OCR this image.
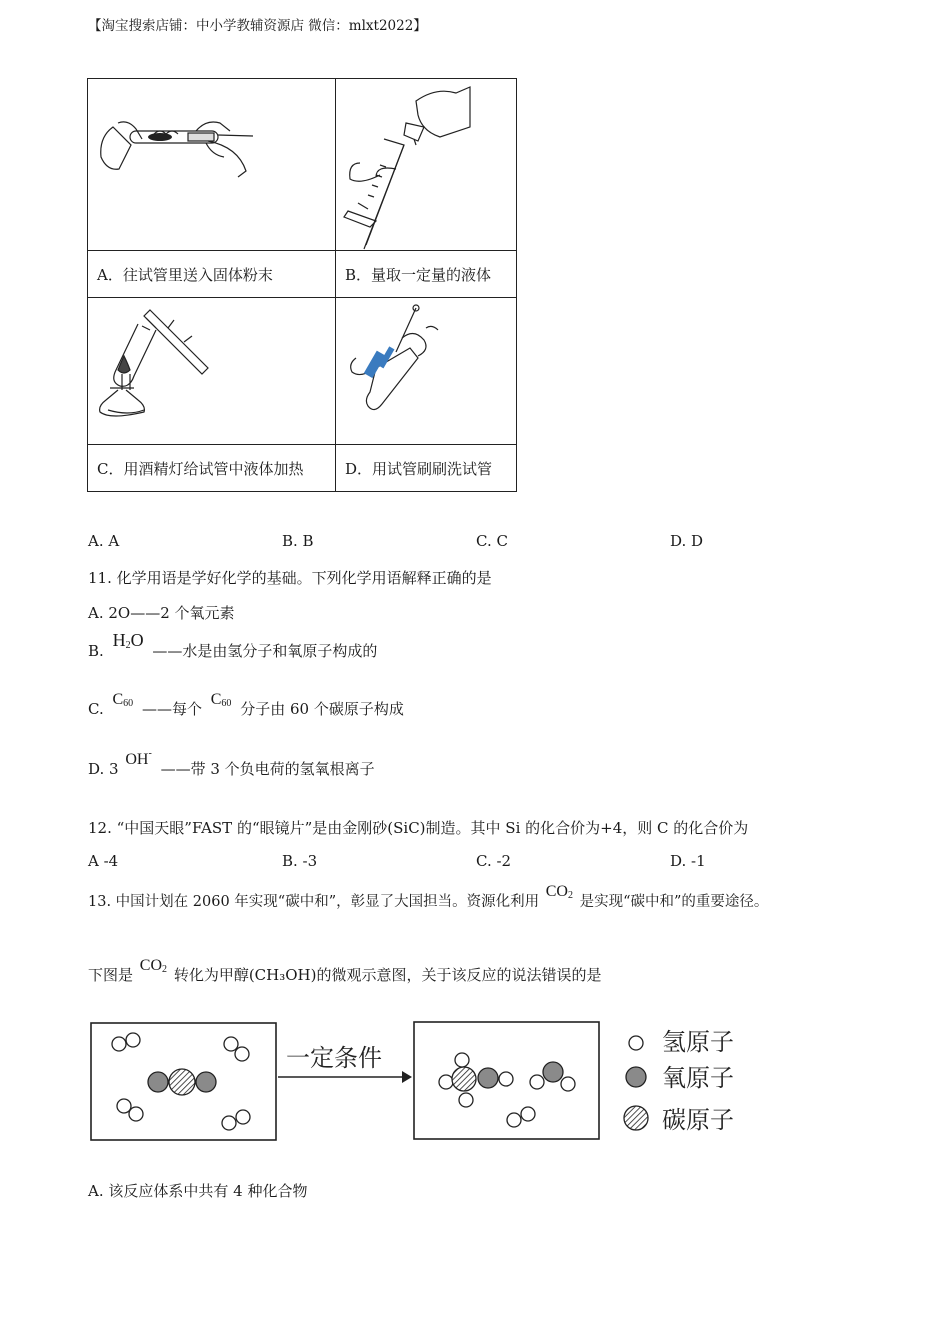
【淘宝搜索店铺：中小学教辅资源店 微信：mlxt2022】

A．往试管里送入固体粉末	B．量取一定量的液体

C．用酒精灯给试管中液体加热	D．用试管刷刷洗试管
A. A	B. B	C. C	D. D
11. 化学用语是学好化学的基础。下列化学用语解释正确的是
A. 2O——2 个氧元素
B. $H_2O$ ——水是由氢分子和氧原子构成的
C. $C_{60}$ ——每个 $C_{60}$ 分子由 60 个碳原子构成
D. 3 OH- ——带 3 个负电荷的氢氧根离子
12. “中国天眼”FAST 的“眼镜片”是由金刚砂(SiC)制造。其中 Si 的化合价为+4，则 C 的化合价为
A -4	B. -3	C. -2	D. -1
13. 中国计划在 2060 年实现“碳中和”，彰显了大国担当。资源化利用 $CO_2$ 是实现“碳中和”的重要途径。
下图是 $CO_2$ 转化为甲醇(CH₃OH)的微观示意图，关于该反应的说法错误的是
一定条件
氢原子
氧原子
碳原子
A. 该反应体系中共有 4 种化合物
